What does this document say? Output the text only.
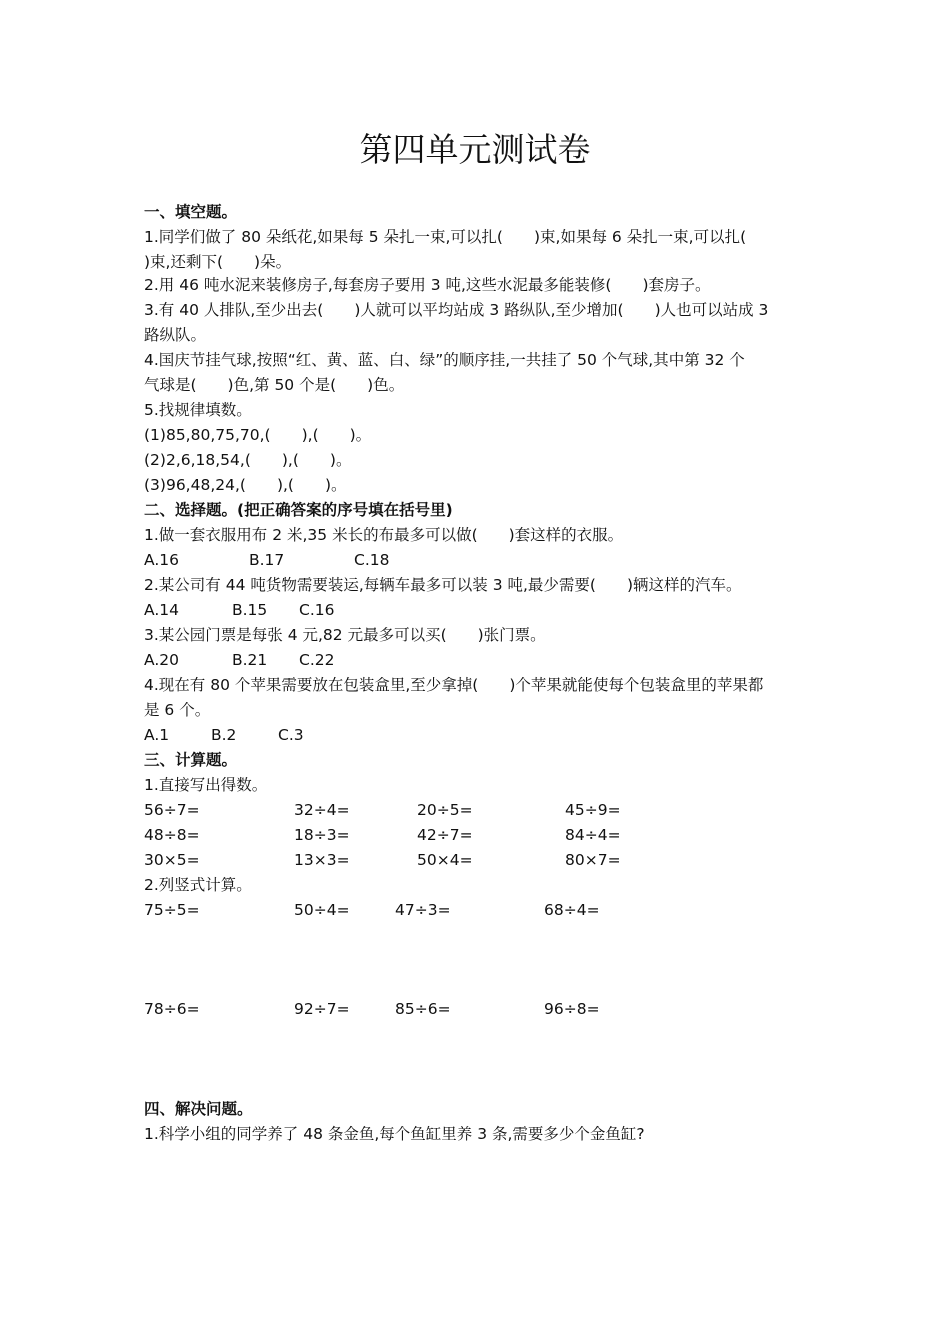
第四单元测试卷
一、填空题。
1.同学们做了 80 朵纸花,如果每 5 朵扎一束,可以扎(　　)束,如果每 6 朵扎一束,可以扎(
)束,还剩下(　　)朵。
2.用 46 吨水泥来装修房子,每套房子要用 3 吨,这些水泥最多能装修(　　)套房子。
3.有 40 人排队,至少出去(　　)人就可以平均站成 3 路纵队,至少增加(　　)人也可以站成 3
路纵队。
4.国庆节挂气球,按照“红、黄、蓝、白、绿”的顺序挂,一共挂了 50 个气球,其中第 32 个
气球是(　　)色,第 50 个是(　　)色。
5.找规律填数。
(1)85,80,75,70,(　　),(　　)。
(2)2,6,18,54,(　　),(　　)。
(3)96,48,24,(　　),(　　)。
二、选择题。(把正确答案的序号填在括号里)
1.做一套衣服用布 2 米,35 米长的布最多可以做(　　)套这样的衣服。
A.16	B.17	C.18
2.某公司有 44 吨货物需要装运,每辆车最多可以装 3 吨,最少需要(　　)辆这样的汽车。
A.14	B.15 C.16
3.某公园门票是每张 4 元,82 元最多可以买(　　)张门票。
A.20	B.21 C.22
4.现在有 80 个苹果需要放在包装盒里,至少拿掉(　　)个苹果就能使每个包装盒里的苹果都
是 6 个。
A.1	B.2	C.3
三、计算题。
1.直接写出得数。
56÷7=	32÷4=	20÷5=	45÷9=
48÷8=	18÷3=	42÷7=	84÷4=
30×5=	13×3=	50×4=	80×7=
2.列竖式计算。
75÷5=	50÷4=	47÷3=	68÷4=
78÷6=	92÷7=	85÷6=	96÷8=
四、解决问题。
1.科学小组的同学养了 48 条金鱼,每个鱼缸里养 3 条,需要多少个金鱼缸?
